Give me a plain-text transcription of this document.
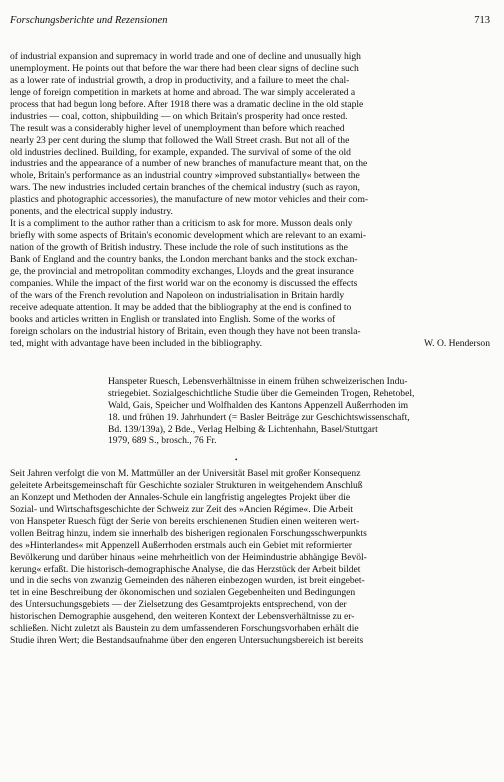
Forschungsberichte und Rezensionen	713
of industrial expansion and supremacy in world trade and one of decline and unusually high
unemployment. He points out that before the war there had been clear signs of decline such
as a lower rate of industrial growth, a drop in productivity, and a failure to meet the chal-
lenge of foreign competition in markets at home and abroad. The war simply accelerated a
process that had begun long before. After 1918 there was a dramatic decline in the old staple
industries — coal, cotton, shipbuilding — on which Britain's prosperity had once rested.
The result was a considerably higher level of unemployment than before which reached
nearly 23 per cent during the slump that followed the Wall Street crash. But not all of the
old industries declined. Building, for example, expanded. The survival of some of the old
industries and the appearance of a number of new branches of manufacture meant that, on the
whole, Britain's performance as an industrial country »improved substantially« between the
wars. The new industries included certain branches of the chemical industry (such as rayon,
plastics and photographic accessories), the manufacture of new motor vehicles and their com-
ponents, and the electrical supply industry.
It is a compliment to the author rather than a criticism to ask for more. Musson deals only
briefly with some aspects of Britain's economic development which are relevant to an exami-
nation of the growth of British industry. These include the role of such institutions as the
Bank of England and the country banks, the London merchant banks and the stock exchan-
ge, the provincial and metropolitan commodity exchanges, Lloyds and the great insurance
companies. While the impact of the first world war on the economy is discussed the effects
of the wars of the French revolution and Napoleon on industrialisation in Britain hardly
receive adequate attention. It may be added that the bibliography at the end is confined to
books and articles written in English or translated into English. Some of the works of
foreign scholars on the industrial history of Britain, even though they have not been transla-
ted, might with advantage have been included in the bibliography.	W. O. Henderson
Hanspeter Ruesch, Lebensverhältnisse in einem frühen schweizerischen Indu-
striegebiet. Sozialgeschichtliche Studie über die Gemeinden Trogen, Rehetobel,
Wald, Gais, Speicher und Wolfhalden des Kantons Appenzell Außerrhoden im
18. und frühen 19. Jahrhundert (= Basler Beiträge zur Geschichtswissenschaft,
Bd. 139/139a), 2 Bde., Verlag Helbing & Lichtenhahn, Basel/Stuttgart
1979, 689 S., brosch., 76 Fr.
•
Seit Jahren verfolgt die von M. Mattmüller an der Universität Basel mit großer Konsequenz
geleitete Arbeitsgemeinschaft für Geschichte sozialer Strukturen in weitgehendem Anschluß
an Konzept und Methoden der Annales-Schule ein langfristig angelegtes Projekt über die
Sozial- und Wirtschaftsgeschichte der Schweiz zur Zeit des »Ancien Régime«. Die Arbeit
von Hanspeter Ruesch fügt der Serie von bereits erschienenen Studien einen weiteren wert-
vollen Beitrag hinzu, indem sie innerhalb des bisherigen regionalen Forschungsschwerpunkts
des »Hinterlandes« mit Appenzell Außerrhoden erstmals auch ein Gebiet mit reformierter
Bevölkerung und darüber hinaus »eine mehrheitlich von der Heimindustrie abhängige Bevöl-
kerung« erfaßt. Die historisch-demographische Analyse, die das Herzstück der Arbeit bildet
und in die sechs von zwanzig Gemeinden des näheren einbezogen wurden, ist breit eingebet-
tet in eine Beschreibung der ökonomischen und sozialen Gegebenheiten und Bedingungen
des Untersuchungsgebiets — der Zielsetzung des Gesamtprojekts entsprechend, von der
historischen Demographie ausgehend, den weiteren Kontext der Lebensverhältnisse zu er-
schließen. Nicht zuletzt als Baustein zu dem umfassenderen Forschungsvorhaben erhält die
Studie ihren Wert; die Bestandsaufnahme über den engeren Untersuchungsbereich ist bereits
